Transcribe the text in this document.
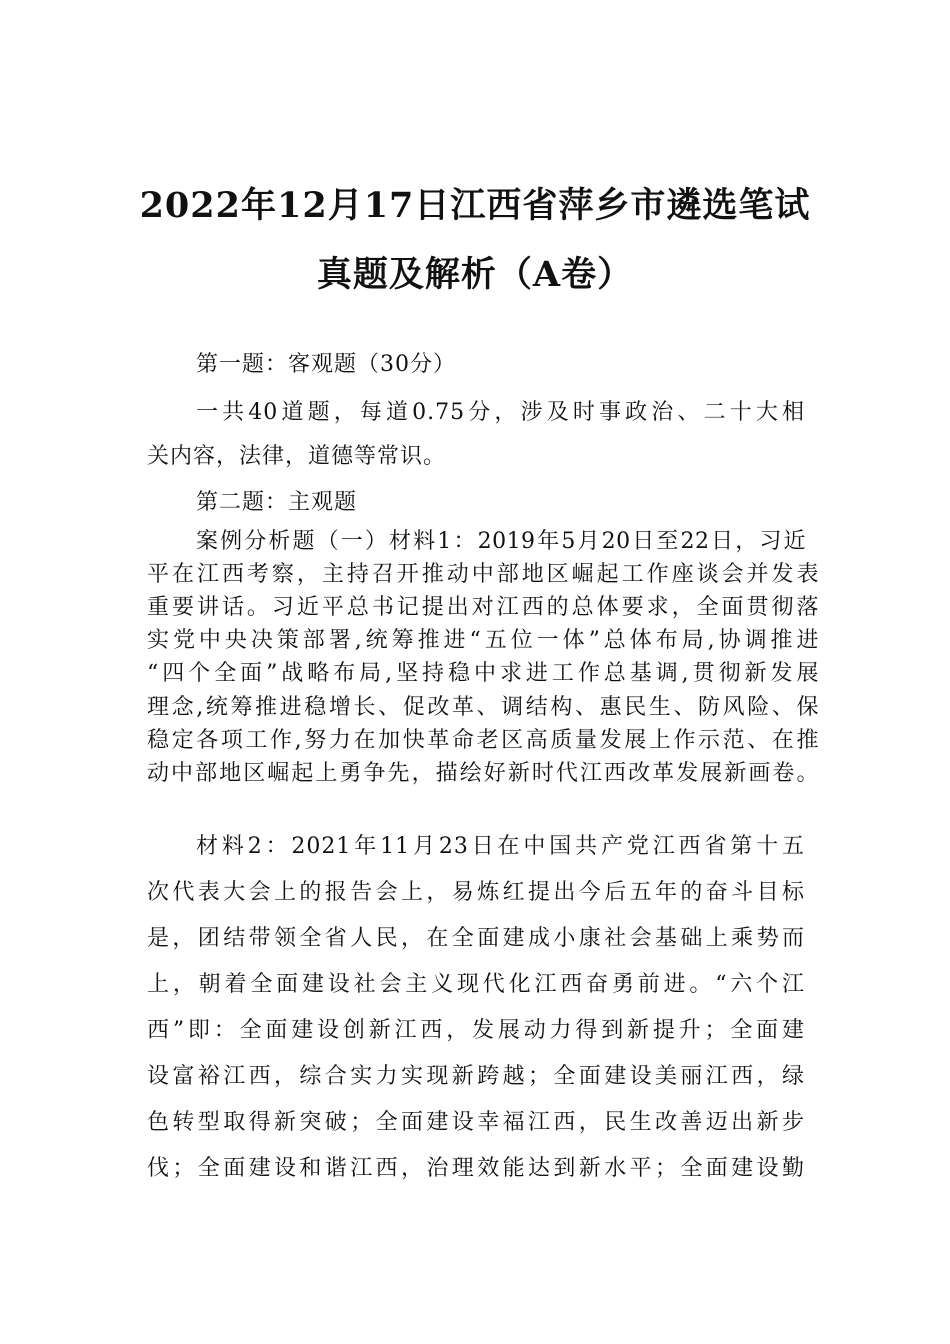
2022年12月17日江西省萍乡市遴选笔试
真题及解析（A卷）
第一题：客观题（30分）
一共40道题，每道0.75分，涉及时事政治、二十大相
关内容，法律，道德等常识。
第二题：主观题
案例分析题（一）材料1：2019年5月20日至22日，习近
平在江西考察，主持召开推动中部地区崛起工作座谈会并发表
重要讲话。习近平总书记提出对江西的总体要求，全面贯彻落
实党中央决策部署,统筹推进“五位一体”总体布局,协调推进
“四个全面”战略布局,坚持稳中求进工作总基调,贯彻新发展
理念,统筹推进稳增长、促改革、调结构、惠民生、防风险、保
稳定各项工作,努力在加快革命老区高质量发展上作示范、在推
动中部地区崛起上勇争先，描绘好新时代江西改革发展新画卷。
材料2：2021年11月23日在中国共产党江西省第十五
次代表大会上的报告会上，易炼红提出今后五年的奋斗目标
是，团结带领全省人民，在全面建成小康社会基础上乘势而
上，朝着全面建设社会主义现代化江西奋勇前进。“六个江
西”即：全面建设创新江西，发展动力得到新提升；全面建
设富裕江西，综合实力实现新跨越；全面建设美丽江西，绿
色转型取得新突破；全面建设幸福江西，民生改善迈出新步
伐；全面建设和谐江西，治理效能达到新水平；全面建设勤
